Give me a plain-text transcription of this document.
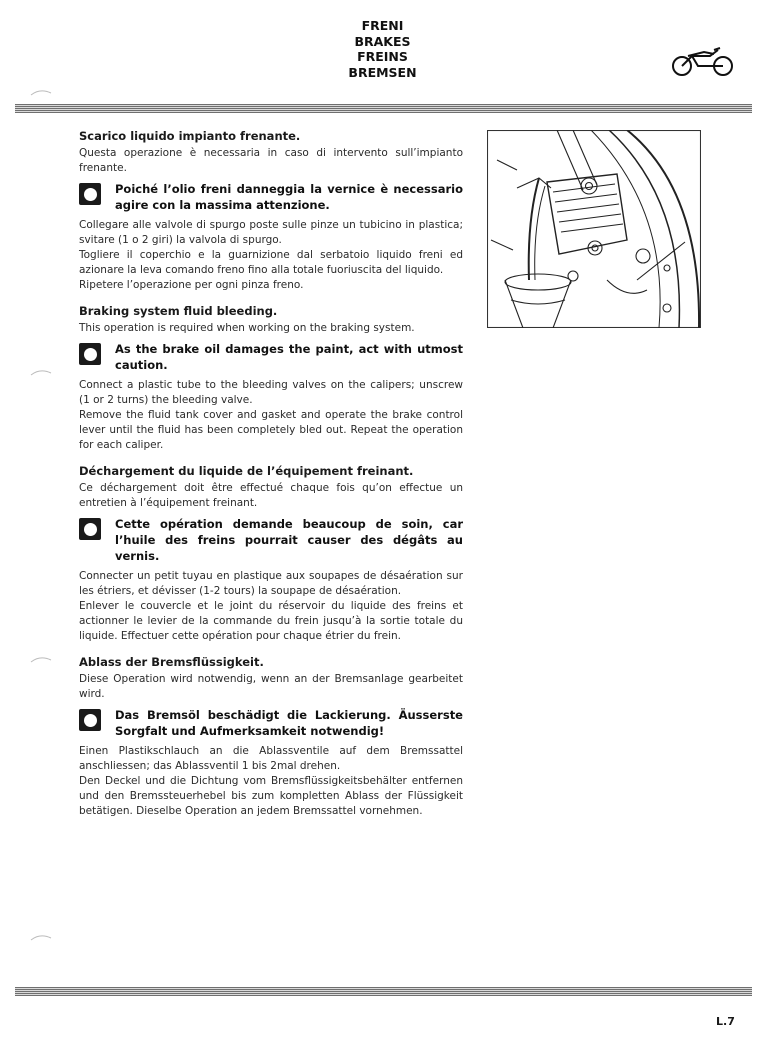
FRENI
BRAKES
FREINS
BREMSEN

Scarico liquido impianto frenante.

Questa operazione è necessaria in caso di intervento sull’impianto frenante.

Poiché l’olio freni danneggia la vernice è necessario agire con la massima attenzione.

Collegare alle valvole di spurgo poste sulle pinze un tubicino in plastica; svitare (1 o 2 giri) la valvola di spurgo.

Togliere il coperchio e la guarnizione dal serbatoio liquido freni ed azionare la leva comando freno fino alla totale fuoriuscita del liquido.

Ripetere l’operazione per ogni pinza freno.

Braking system fluid bleeding.

This operation is required when working on the braking system.

As the brake oil damages the paint, act with utmost caution.

Connect a plastic tube to the bleeding valves on the calipers; unscrew (1 or 2 turns) the bleeding valve.

Remove the fluid tank cover and gasket and operate the brake control lever until the fluid has been completely bled out. Repeat the operation for each caliper.

Déchargement du liquide de l’équipement freinant.

Ce déchargement doit être effectué chaque fois qu’on effectue un entretien à l’équipement freinant.

Cette opération demande beaucoup de soin, car l’huile des freins pourrait causer des dégâts au vernis.

Connecter un petit tuyau en plastique aux soupapes de désaération sur les étriers, et dévisser (1-2 tours) la soupape de désaération.

Enlever le couvercle et le joint du réservoir du liquide des freins et actionner le levier de la commande du frein jusqu’à la sortie totale du liquide. Effectuer cette opération pour chaque étrier du frein.

Ablass der Bremsflüssigkeit.

Diese Operation wird notwendig, wenn an der Bremsanlage gearbeitet wird.

Das Bremsöl beschädigt die Lackierung. Äusserste Sorgfalt und Aufmerksamkeit notwendig!

Einen Plastikschlauch an die Ablassventile auf dem Bremssattel anschliessen; das Ablassventil 1 bis 2mal drehen.

Den Deckel und die Dichtung vom Bremsflüssigkeitsbehälter entfernen und den Bremssteuerhebel bis zum kompletten Ablass der Flüssigkeit betätigen. Dieselbe Operation an jedem Bremssattel vornehmen.

L.7
